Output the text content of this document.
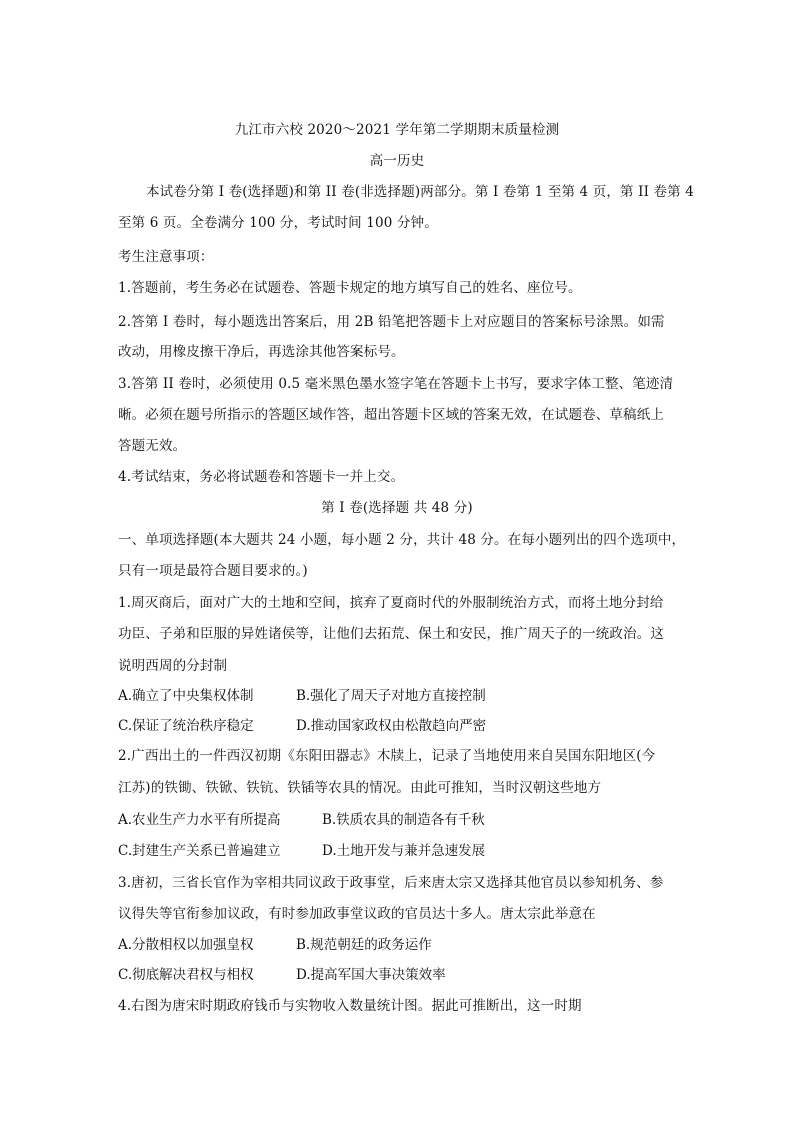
九江市六校 2020～2021 学年第二学期期末质量检测
高一历史
本试卷分第 I 卷(选择题)和第 II 卷(非选择题)两部分。第 I 卷第 1 至第 4 页，第 II 卷第 4
至第 6 页。全卷满分 100 分，考试时间 100 分钟。
考生注意事项：
1.答题前，考生务必在试题卷、答题卡规定的地方填写自己的姓名、座位号。
2.答第 I 卷时，每小题选出答案后，用 2B 铅笔把答题卡上对应题目的答案标号涂黑。如需
改动，用橡皮擦干净后，再选涂其他答案标号。
3.答第 II 卷时，必须使用 0.5 毫米黑色墨水签字笔在答题卡上书写，要求字体工整、笔迹清
晰。必须在题号所指示的答题区域作答，超出答题卡区域的答案无效，在试题卷、草稿纸上
答题无效。
4.考试结束，务必将试题卷和答题卡一并上交。
第 I 卷(选择题 共 48 分)
一、单项选择题(本大题共 24 小题，每小题 2 分，共计 48 分。在每小题列出的四个选项中，
只有一项是最符合题目要求的。)
1.周灭商后，面对广大的土地和空间，摈弃了夏商时代的外服制统治方式，而将土地分封给
功臣、子弟和臣服的异姓诸侯等，让他们去拓荒、保土和安民，推广周天子的一统政治。这
说明西周的分封制
A.确立了中央集权体制	B.强化了周天子对地方直接控制
C.保证了统治秩序稳定	D.推动国家政权由松散趋向严密
2.广西出土的一件西汉初期《东阳田器志》木牍上，记录了当地使用来自吴国东阳地区(今
江苏)的铁锄、铁锨、铁钪、铁锸等农具的情况。由此可推知，当时汉朝这些地方
A.农业生产力水平有所提高	B.铁质农具的制造各有千秋
C.封建生产关系已普遍建立	D.土地开发与兼并急速发展
3.唐初，三省长官作为宰相共同议政于政事堂，后来唐太宗又选择其他官员以参知机务、参
议得失等官衔参加议政，有时参加政事堂议政的官员达十多人。唐太宗此举意在
A.分散相权以加强皇权	B.规范朝廷的政务运作
C.彻底解决君权与相权	D.提高军国大事决策效率
4.右图为唐宋时期政府钱币与实物收入数量统计图。据此可推断出，这一时期
